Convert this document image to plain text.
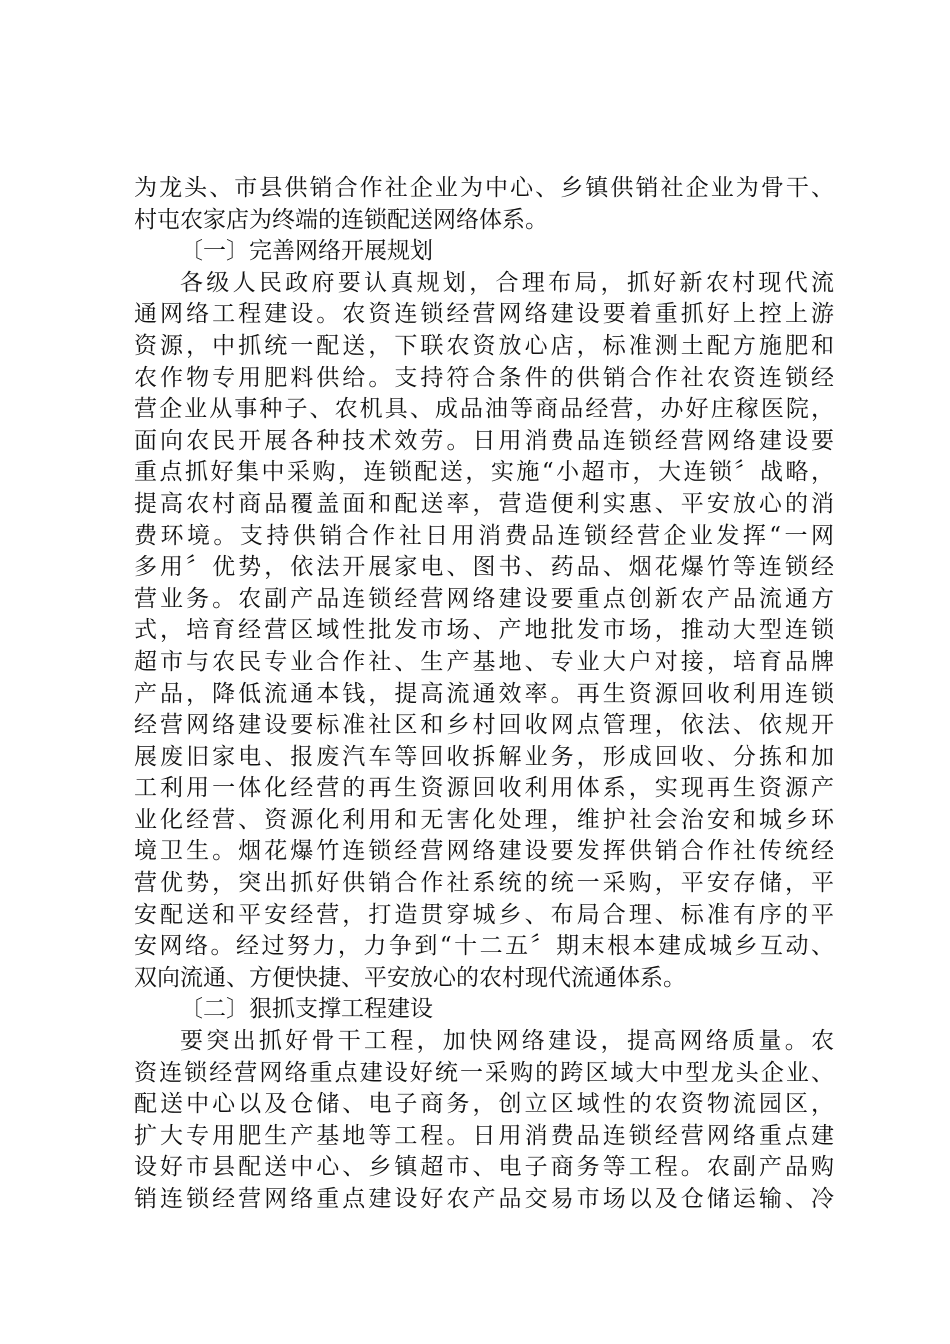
为龙头、市县供销合作社企业为中心、乡镇供销社企业为骨干、
村屯农家店为终端的连锁配送网络体系。
〔一〕完善网络开展规划
各级人民政府要认真规划，合理布局，抓好新农村现代流
通网络工程建设。农资连锁经营网络建设要着重抓好上控上游
资源，中抓统一配送，下联农资放心店，标准测土配方施肥和
农作物专用肥料供给。支持符合条件的供销合作社农资连锁经
营企业从事种子、农机具、成品油等商品经营，办好庄稼医院，
面向农民开展各种技术效劳。日用消费品连锁经营网络建设要
重点抓好集中采购，连锁配送，实施“小超市，大连锁〞战略，
提高农村商品覆盖面和配送率，营造便利实惠、平安放心的消
费环境。支持供销合作社日用消费品连锁经营企业发挥“一网
多用〞优势，依法开展家电、图书、药品、烟花爆竹等连锁经
营业务。农副产品连锁经营网络建设要重点创新农产品流通方
式，培育经营区域性批发市场、产地批发市场，推动大型连锁
超市与农民专业合作社、生产基地、专业大户对接，培育品牌
产品，降低流通本钱，提高流通效率。再生资源回收利用连锁
经营网络建设要标准社区和乡村回收网点管理，依法、依规开
展废旧家电、报废汽车等回收拆解业务，形成回收、分拣和加
工利用一体化经营的再生资源回收利用体系，实现再生资源产
业化经营、资源化利用和无害化处理，维护社会治安和城乡环
境卫生。烟花爆竹连锁经营网络建设要发挥供销合作社传统经
营优势，突出抓好供销合作社系统的统一采购，平安存储，平
安配送和平安经营，打造贯穿城乡、布局合理、标准有序的平
安网络。经过努力，力争到“十二五〞期末根本建成城乡互动、
双向流通、方便快捷、平安放心的农村现代流通体系。
〔二〕狠抓支撑工程建设
要突出抓好骨干工程，加快网络建设，提高网络质量。农
资连锁经营网络重点建设好统一采购的跨区域大中型龙头企业、
配送中心以及仓储、电子商务，创立区域性的农资物流园区，
扩大专用肥生产基地等工程。日用消费品连锁经营网络重点建
设好市县配送中心、乡镇超市、电子商务等工程。农副产品购
销连锁经营网络重点建设好农产品交易市场以及仓储运输、冷
